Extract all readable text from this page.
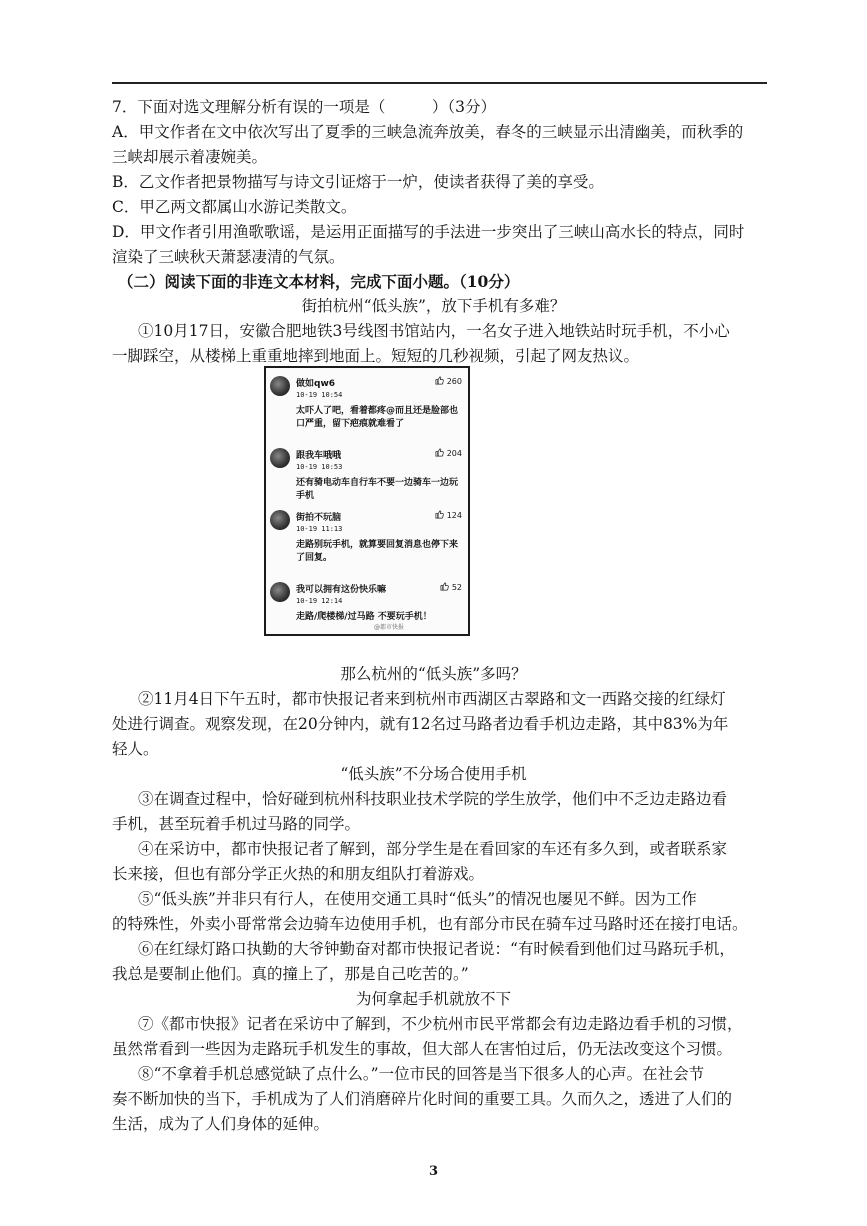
7．下面对选文理解分析有误的一项是（　　　）（3分）
A．甲文作者在文中依次写出了夏季的三峡急流奔放美，春冬的三峡显示出清幽美，而秋季的
三峡却展示着凄婉美。
B．乙文作者把景物描写与诗文引证熔于一炉，使读者获得了美的享受。
C．甲乙两文都属山水游记类散文。
D．甲文作者引用渔歌歌谣，是运用正面描写的手法进一步突出了三峡山高水长的特点，同时
渲染了三峡秋天萧瑟凄清的气氛。
（二）阅读下面的非连文本材料，完成下面小题。（10分）
街拍杭州“低头族”，放下手机有多难？
①10月17日，安徽合肥地铁3号线图书馆站内，一名女子进入地铁站时玩手机，不小心
一脚踩空，从楼梯上重重地摔到地面上。短短的几秒视频，引起了网友热议。
做如qw6
10-19 10:54
260
太吓人了吧，看着都疼@而且还是脸部也口严重，留下疤痕就难看了
跟我车哦哦
10-19 10:53
204
还有骑电动车自行车不要一边骑车一边玩手机
街拍不玩脑
10-19 11:13
124
走路别玩手机，就算要回复消息也停下来了回复。
我可以拥有这份快乐嘛
10-19 12:14
52
走路/爬楼梯/过马路 不要玩手机！
@都市快报
那么杭州的“低头族”多吗？
②11月4日下午五时，都市快报记者来到杭州市西湖区古翠路和文一西路交接的红绿灯
处进行调查。观察发现，在20分钟内，就有12名过马路者边看手机边走路，其中83%为年
轻人。
“低头族”不分场合使用手机
③在调查过程中，恰好碰到杭州科技职业技术学院的学生放学，他们中不乏边走路边看
手机，甚至玩着手机过马路的同学。
④在采访中，都市快报记者了解到，部分学生是在看回家的车还有多久到，或者联系家
长来接，但也有部分学正火热的和朋友组队打着游戏。
⑤“低头族”并非只有行人，在使用交通工具时“低头”的情况也屡见不鲜。因为工作
的特殊性，外卖小哥常常会边骑车边使用手机，也有部分市民在骑车过马路时还在接打电话。
⑥在红绿灯路口执勤的大爷钟勤奋对都市快报记者说：“有时候看到他们过马路玩手机，
我总是要制止他们。真的撞上了，那是自己吃苦的。”
为何拿起手机就放不下
⑦《都市快报》记者在采访中了解到，不少杭州市民平常都会有边走路边看手机的习惯，
虽然常看到一些因为走路玩手机发生的事故，但大部人在害怕过后，仍无法改变这个习惯。
⑧“不拿着手机总感觉缺了点什么。”一位市民的回答是当下很多人的心声。在社会节
奏不断加快的当下，手机成为了人们消磨碎片化时间的重要工具。久而久之，透进了人们的
生活，成为了人们身体的延伸。
3
